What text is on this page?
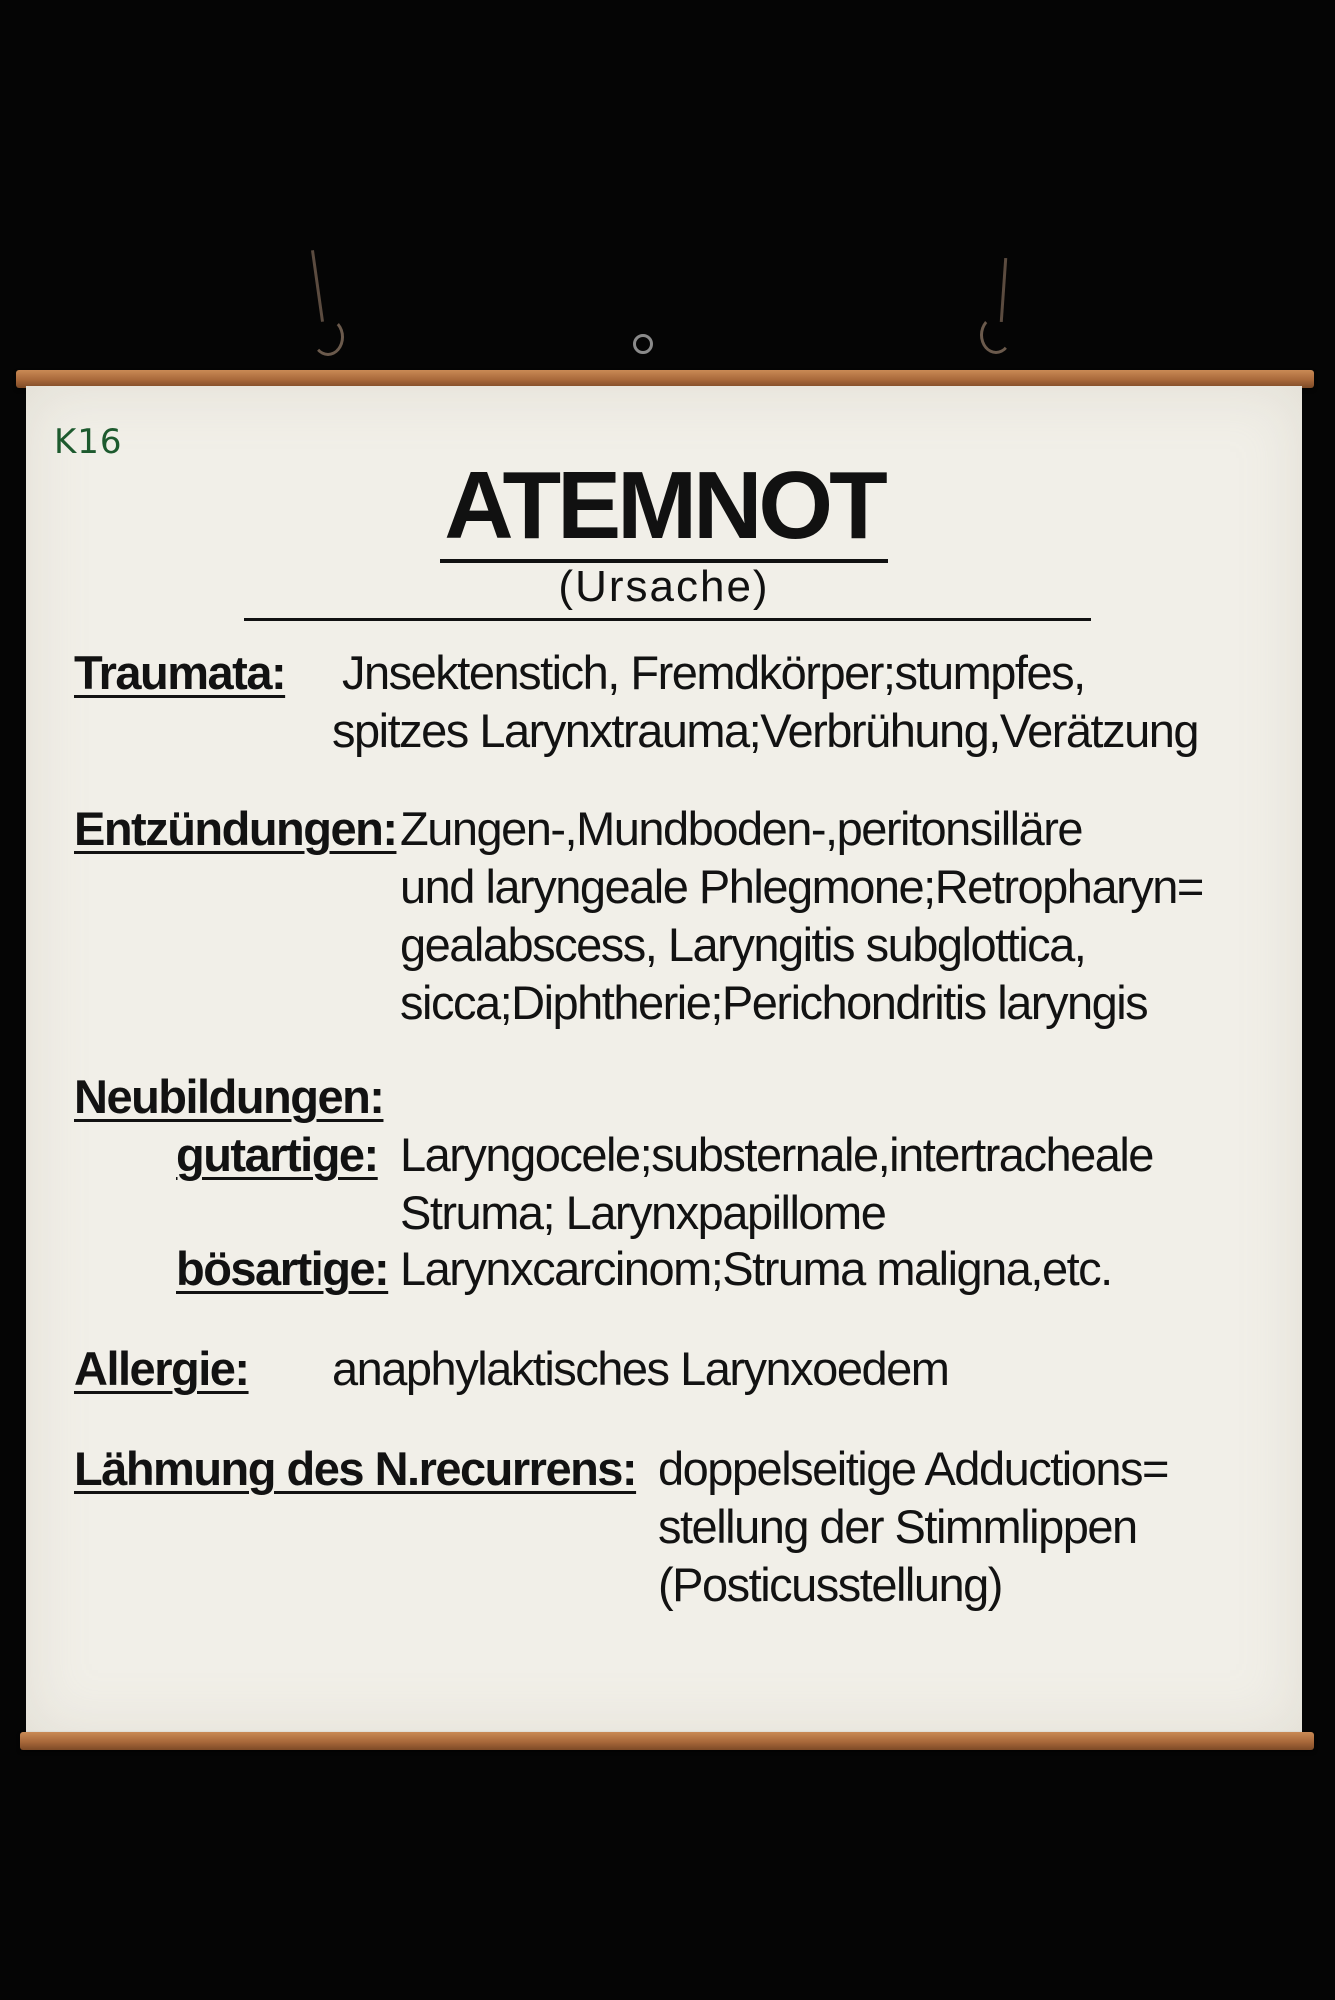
K16
ATEMNOT
(Ursache)
Traumata: Jnsektenstich, Fremdkörper;stumpfes,
spitzes Larynxtrauma;Verbrühung,Verätzung
Entzündungen: Zungen-,Mundboden-,peritonsilläre
und laryngeale Phlegmone;Retropharyn=
gealabscess, Laryngitis subglottica,
sicca;Diphtherie;Perichondritis laryngis
Neubildungen:
gutartige: Laryngocele;substernale,intertracheale
Struma; Larynxpapillome
bösartige: Larynxcarcinom;Struma maligna,etc.
Allergie: anaphylaktisches Larynxoedem
Lähmung des N.recurrens: doppelseitige Adductions=
stellung der Stimmlippen
(Posticusstellung)
